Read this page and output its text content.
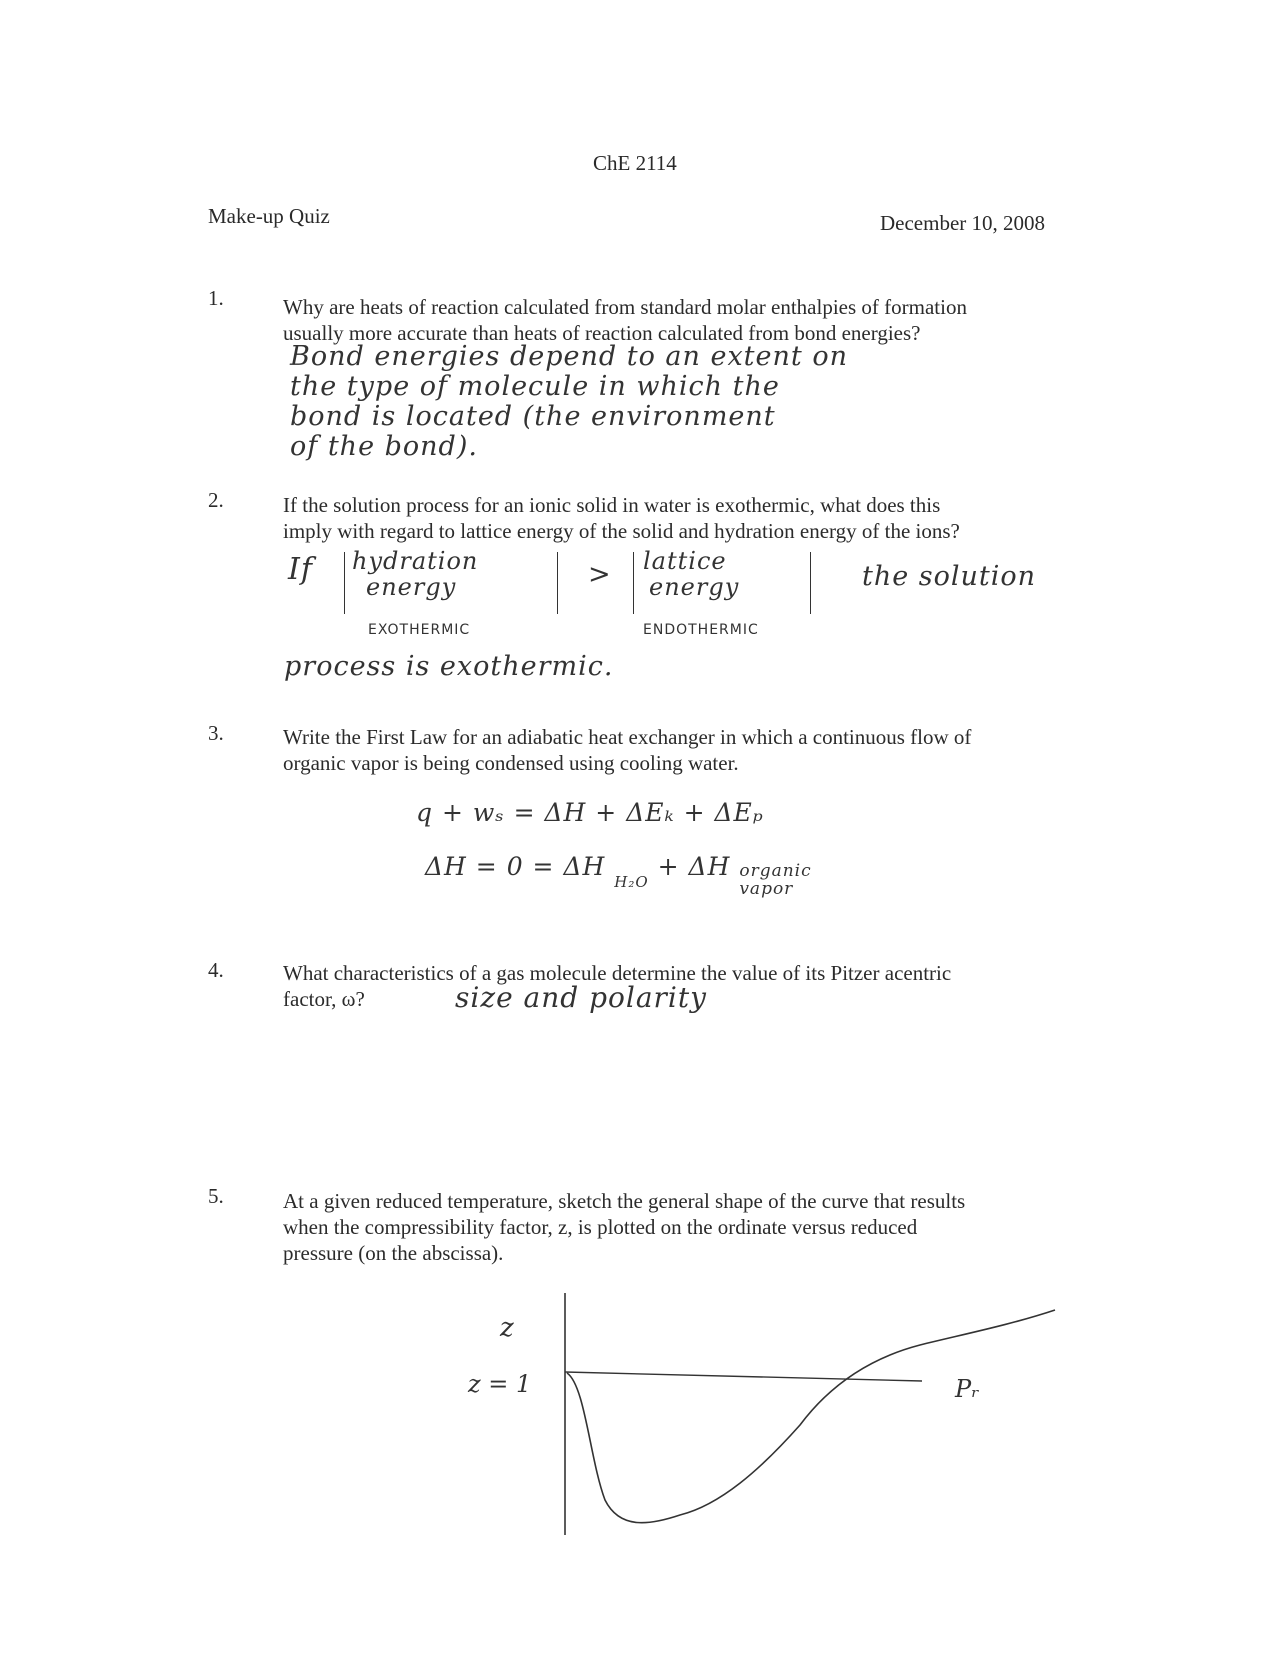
ChE 2114
Make-up Quiz	December 10, 2008
1.	Why are heats of reaction calculated from standard molar enthalpies of formation
usually more accurate than heats of reaction calculated from bond energies?
Bond energies depend to an extent on
the type of molecule in which the
bond is located (the environment
of the bond).
2.	If the solution process for an ionic solid in water is exothermic, what does this
imply with regard to lattice energy of the solid and hydration energy of the ions?
If hydration
energy
EXOTHERMIC
> lattice
energy
ENDOTHERMIC
the solution
process is exothermic.
3.	Write the First Law for an adiabatic heat exchanger in which a continuous flow of
organic vapor is being condensed using cooling water.
q + wₛ = ΔH + ΔEₖ + ΔEₚ
ΔH = 0 = ΔH $_{H_2O}$ + ΔH organic
vapor
4.	What characteristics of a gas molecule determine the value of its Pitzer acentric
factor, ω?	size and polarity
5.	At a given reduced temperature, sketch the general shape of the curve that results
when the compressibility factor, z, is plotted on the ordinate versus reduced
pressure (on the abscissa).
z
z = 1	Pᵣ
